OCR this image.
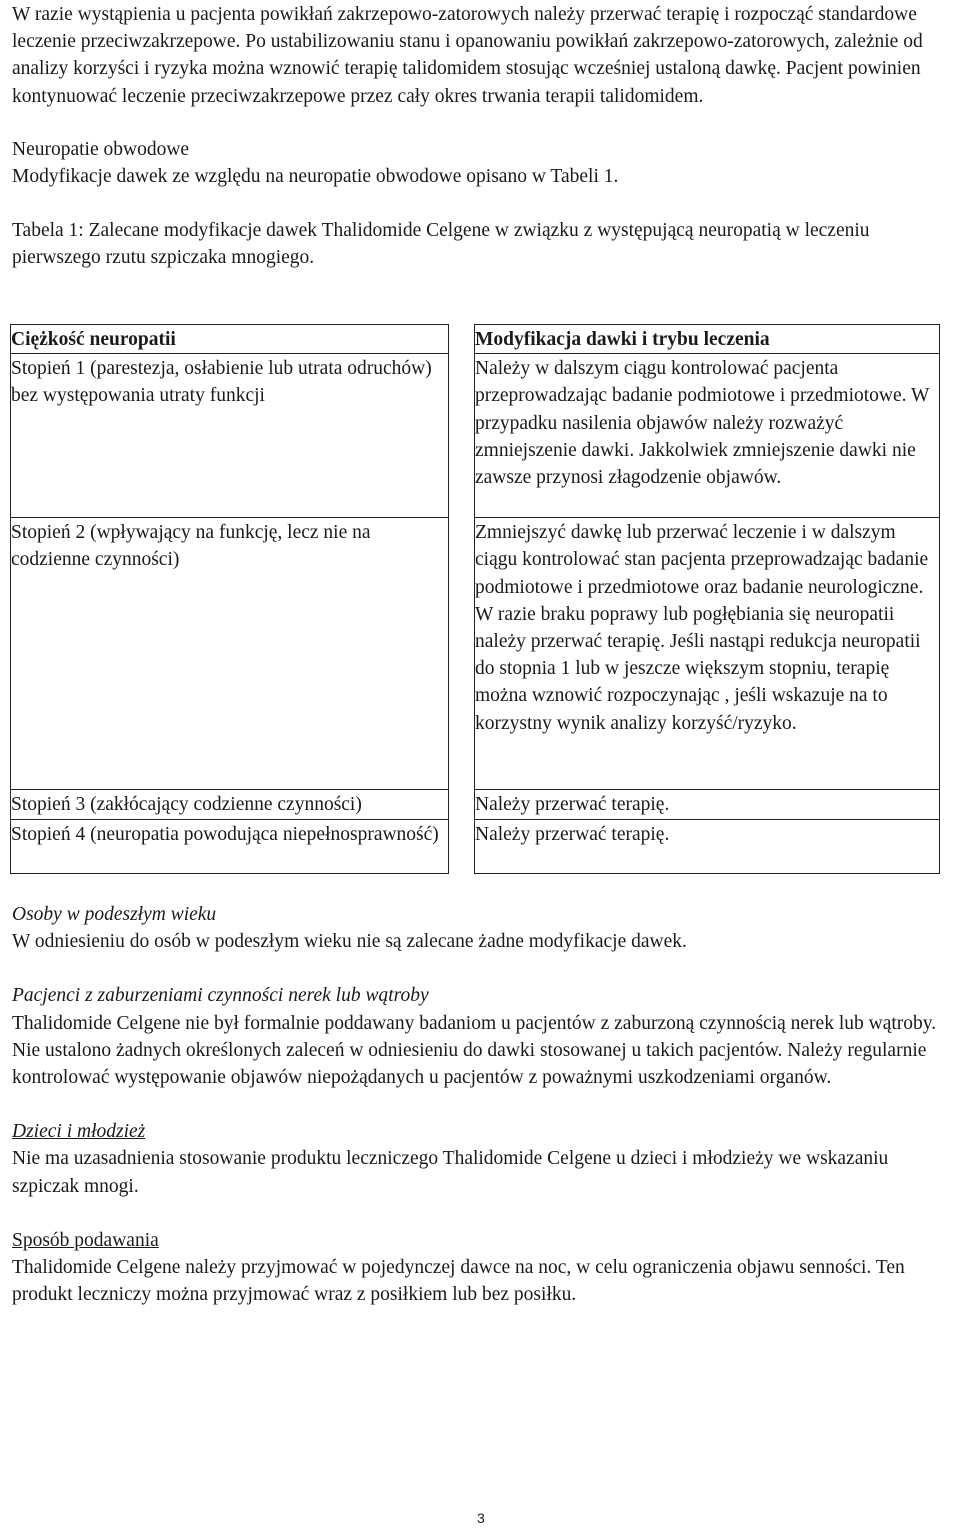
W razie wystąpienia u pacjenta powikłań zakrzepowo-zatorowych należy przerwać terapię i rozpocząć standardowe leczenie przeciwzakrzepowe. Po ustabilizowaniu stanu i opanowaniu powikłań zakrzepowo-zatorowych, zależnie od analizy korzyści i ryzyka można wznowić terapię talidomidem stosując wcześniej ustaloną dawkę. Pacjent powinien kontynuować leczenie przeciwzakrzepowe przez cały okres trwania terapii talidomidem.

Neuropatie obwodowe

Modyfikacje dawek ze względu na neuropatie obwodowe opisano w Tabeli 1.

Tabela 1: Zalecane modyfikacje dawek Thalidomide Celgene w związku z występującą neuropatią w leczeniu pierwszego rzutu szpiczaka mnogiego.

Ciężkość neuropatii		Modyfikacja dawki i trybu leczenia
Stopień 1 (parestezja, osłabienie lub utrata odruchów) bez występowania utraty funkcji		Należy w dalszym ciągu kontrolować pacjenta przeprowadzając badanie podmiotowe i przedmiotowe. W przypadku nasilenia objawów należy rozważyć zmniejszenie dawki. Jakkolwiek zmniejszenie dawki nie zawsze przynosi złagodzenie objawów.
Stopień 2 (wpływający na funkcję, lecz nie na codzienne czynności)		Zmniejszyć dawkę lub przerwać leczenie i w dalszym ciągu kontrolować stan pacjenta przeprowadzając badanie podmiotowe i przedmiotowe oraz badanie neurologiczne. W razie braku poprawy lub pogłębiania się neuropatii należy przerwać terapię. Jeśli nastąpi redukcja neuropatii do stopnia 1 lub w jeszcze większym stopniu, terapię można wznowić rozpoczynając , jeśli wskazuje na to korzystny wynik analizy korzyść/ryzyko.
Stopień 3 (zakłócający codzienne czynności)		Należy przerwać terapię.
Stopień 4 (neuropatia powodująca niepełnosprawność)		Należy przerwać terapię.

Osoby w podeszłym wieku

W odniesieniu do osób w podeszłym wieku nie są zalecane żadne modyfikacje dawek.

Pacjenci z zaburzeniami czynności nerek lub wątroby

Thalidomide Celgene nie był formalnie poddawany badaniom u pacjentów z zaburzoną czynnością nerek lub wątroby. Nie ustalono żadnych określonych zaleceń w odniesieniu do dawki stosowanej u takich pacjentów. Należy regularnie kontrolować występowanie objawów niepożądanych u pacjentów z poważnymi uszkodzeniami organów.

Dzieci i młodzież

Nie ma uzasadnienia stosowanie produktu leczniczego Thalidomide Celgene u dzieci i młodzieży we wskazaniu szpiczak mnogi.

Sposób podawania

Thalidomide Celgene należy przyjmować w pojedynczej dawce na noc, w celu ograniczenia objawu senności. Ten produkt leczniczy można przyjmować wraz z posiłkiem lub bez posiłku.

3
